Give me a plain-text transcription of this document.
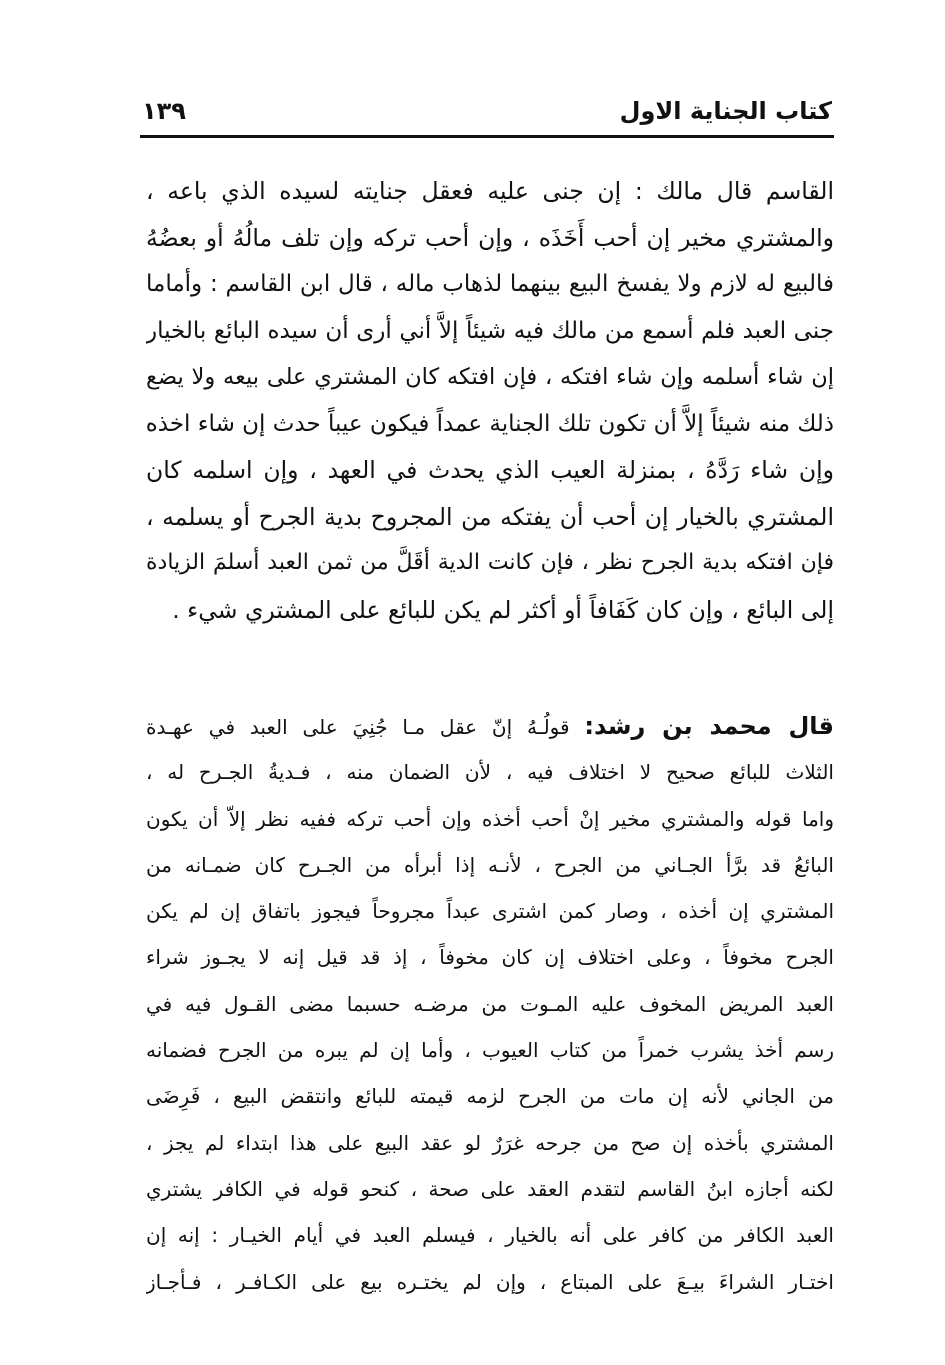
كتاب الجناية الاول
١٣٩
القاسم قال مالك : إن جنى عليه فعقل جنايته لسيده الذي باعه ،
والمشتري مخير إن أحب أَخَذَه ، وإن أحب تركه وإن تلف مالُهُ أو بعضُهُ
فالبيع له لازم ولا يفسخ البيع بينهما لذهاب ماله ، قال ابن القاسم : وأماما
جنى العبد فلم أسمع من مالك فيه شيئاً إلاَّ أني أرى أن سيده البائع بالخيار
إن شاء أسلمه وإن شاء افتكه ، فإن افتكه كان المشتري على بيعه ولا يضع
ذلك منه شيئاً إلاَّ أن تكون تلك الجناية عمداً فيكون عيباً حدث إن شاء اخذه
وإن شاء رَدَّهُ ، بمنزلة العيب الذي يحدث في العهد ، وإن اسلمه كان
المشتري بالخيار إن أحب أن يفتكه من المجروح بدية الجرح أو يسلمه ،
فإن افتكه بدية الجرح نظر ، فإن كانت الدية أقَلَّ من ثمن العبد أسلمَ الزيادة
إلى البائع ، وإن كان كَفَافاً أو أكثر لم يكن للبائع على المشتري شيء .
قال محمد بن رشد: قولُـهُ إنّ عقل مـا جُنِيَ على العبد في عهـدة
الثلاث للبائع صحيح لا اختلاف فيه ، لأن الضمان منه ، فـديةُ الجـرح له ،
واما قوله والمشتري مخير إنْ أحب أخذه وإن أحب تركه ففيه نظر إلاّ أن يكون
البائعُ قد برَّأ الجـاني من الجرح ، لأنـه إذا أبرأه من الجـرح كان ضمـانه من
المشتري إن أخذه ، وصار كمن اشترى عبداً مجروحاً فيجوز باتفاق إن لم يكن
الجرح مخوفاً ، وعلى اختلاف إن كان مخوفاً ، إذ قد قيل إنه لا يجـوز شراء
العبد المريض المخوف عليه المـوت من مرضـه حسبما مضى القـول فيه في
رسم أخذ يشرب خمراً من كتاب العيوب ، وأما إن لم يبره من الجرح فضمانه
من الجاني لأنه إن مات من الجرح لزمه قيمته للبائع وانتقض البيع ، فَرِضَى
المشتري بأخذه إن صح من جرحه غرَرٌ لو عقد البيع على هذا ابتداء لم يجز ،
لكنه أجازه ابنُ القاسم لتقدم العقد على صحة ، كنحو قوله في الكافر يشتري
العبد الكافر من كافر على أنه بالخيار ، فيسلم العبد في أيام الخيـار : إنه إن
اختـار الشراءَ بيـعَ على المبتاع ، وإن لم يختـره بيع على الكـافـر ، فـأجـاز
